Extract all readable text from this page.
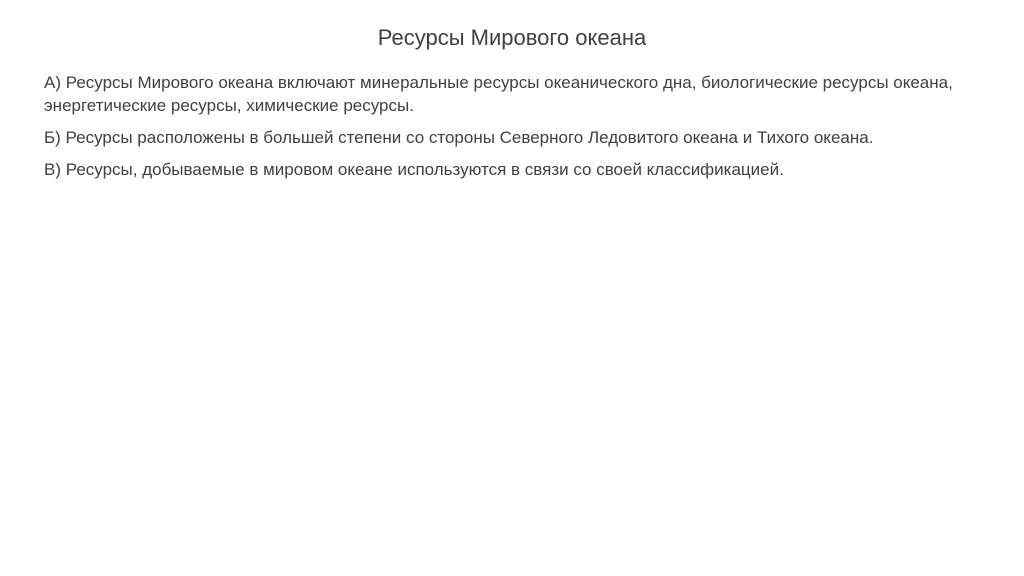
Ресурсы Мирового океана

А) Ресурсы Мирового океана включают минеральные ресурсы океанического дна, биологические ресурсы океана, энергетические ресурсы, химические ресурсы.

Б) Ресурсы расположены в большей степени со стороны Северного Ледовитого океана и Тихого океана.

В) Ресурсы, добываемые в мировом океане используются в связи со своей классификацией.
